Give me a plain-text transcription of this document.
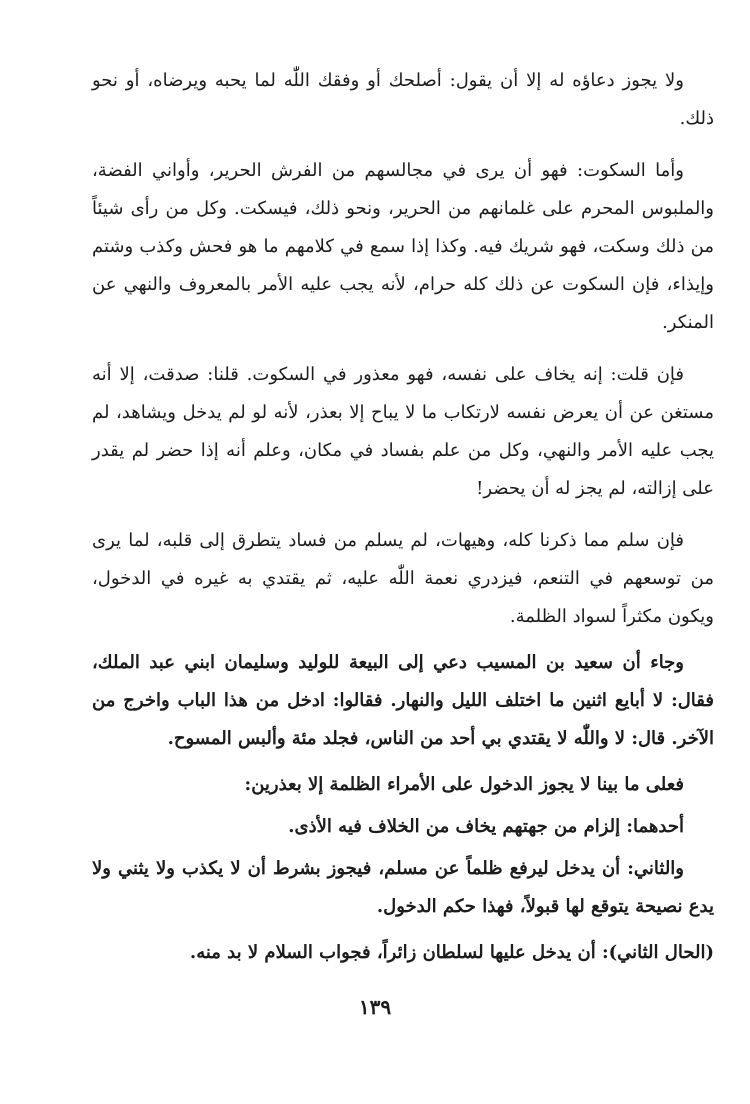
ولا يجوز دعاؤه له إلا أن يقول: أصلحك أو وفقك اللّٰه لما يحبه ويرضاه، أو نحو ذلك.

وأما السكوت: فهو أن يرى في مجالسهم من الفرش الحرير، وأواني الفضة، والملبوس المحرم على غلمانهم من الحرير، ونحو ذلك، فيسكت. وكل من رأى شيئاً من ذلك وسكت، فهو شريك فيه. وكذا إذا سمع في كلامهم ما هو فحش وكذب وشتم وإيذاء، فإن السكوت عن ذلك كله حرام، لأنه يجب عليه الأمر بالمعروف والنهي عن المنكر.

فإن قلت: إنه يخاف على نفسه، فهو معذور في السكوت. قلنا: صدقت، إلا أنه مستغن عن أن يعرض نفسه لارتكاب ما لا يباح إلا بعذر، لأنه لو لم يدخل ويشاهد، لم يجب عليه الأمر والنهي، وكل من علم بفساد في مكان، وعلم أنه إذا حضر لم يقدر على إزالته، لم يجز له أن يحضر!

فإن سلم مما ذكرنا كله، وهيهات، لم يسلم من فساد يتطرق إلى قلبه، لما يرى من توسعهم في التنعم، فيزدري نعمة اللّٰه عليه، ثم يقتدي به غيره في الدخول، ويكون مكثراً لسواد الظلمة.

وجاء أن سعيد بن المسيب دعي إلى البيعة للوليد وسليمان ابني عبد الملك، فقال: لا أبايع اثنين ما اختلف الليل والنهار. فقالوا: ادخل من هذا الباب واخرج من الآخر. قال: لا واللّٰه لا يقتدي بي أحد من الناس، فجلد مئة وألبس المسوح.

فعلى ما بينا لا يجوز الدخول على الأمراء الظلمة إلا بعذرين:

أحدهما: إلزام من جهتهم يخاف من الخلاف فيه الأذى.

والثاني: أن يدخل ليرفع ظلماً عن مسلم، فيجوز بشرط أن لا يكذب ولا يثني ولا يدع نصيحة يتوقع لها قبولاً، فهذا حكم الدخول.

(الحال الثاني): أن يدخل عليها لسلطان زائراً، فجواب السلام لا بد منه.

١٣٩
